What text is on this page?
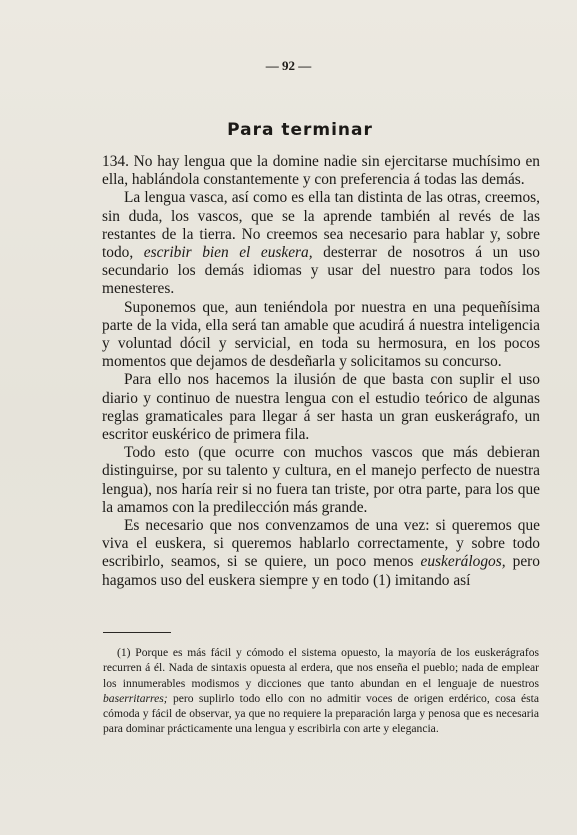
— 92 —
Para terminar

134. No hay lengua que la domine nadie sin ejercitarse muchísimo en ella, hablándola constantemente y con preferencia á todas las demás.

La lengua vasca, así como es ella tan distinta de las otras, creemos, sin duda, los vascos, que se la aprende también al revés de las restantes de la tierra. No creemos sea necesario para hablar y, sobre todo, escribir bien el euskera, desterrar de nosotros á un uso secundario los demás idiomas y usar del nuestro para todos los menesteres.

Suponemos que, aun teniéndola por nuestra en una pequeñísima parte de la vida, ella será tan amable que acudirá á nuestra inteligencia y voluntad dócil y servicial, en toda su hermosura, en los pocos momentos que dejamos de desdeñarla y solicitamos su concurso.

Para ello nos hacemos la ilusión de que basta con suplir el uso diario y continuo de nuestra lengua con el estudio teórico de algunas reglas gramaticales para llegar á ser hasta un gran euskerágrafo, un escritor euskérico de primera fila.

Todo esto (que ocurre con muchos vascos que más debieran distinguirse, por su talento y cultura, en el manejo perfecto de nuestra lengua), nos haría reir si no fuera tan triste, por otra parte, para los que la amamos con la predilección más grande.

Es necesario que nos convenzamos de una vez: si queremos que viva el euskera, si queremos hablarlo correctamente, y sobre todo escribirlo, seamos, si se quiere, un poco menos euskerálogos, pero hagamos uso del euskera siempre y en todo (1) imitando así

(1) Porque es más fácil y cómodo el sistema opuesto, la mayoría de los euskerágrafos recurren á él. Nada de sintaxis opuesta al erdera, que nos enseña el pueblo; nada de emplear los innumerables modismos y dicciones que tanto abundan en el lenguaje de nuestros baserritarres; pero suplirlo todo ello con no admitir voces de origen erdérico, cosa ésta cómoda y fácil de observar, ya que no requiere la preparación larga y penosa que es necesaria para dominar prácticamente una lengua y escribirla con arte y elegancia.
